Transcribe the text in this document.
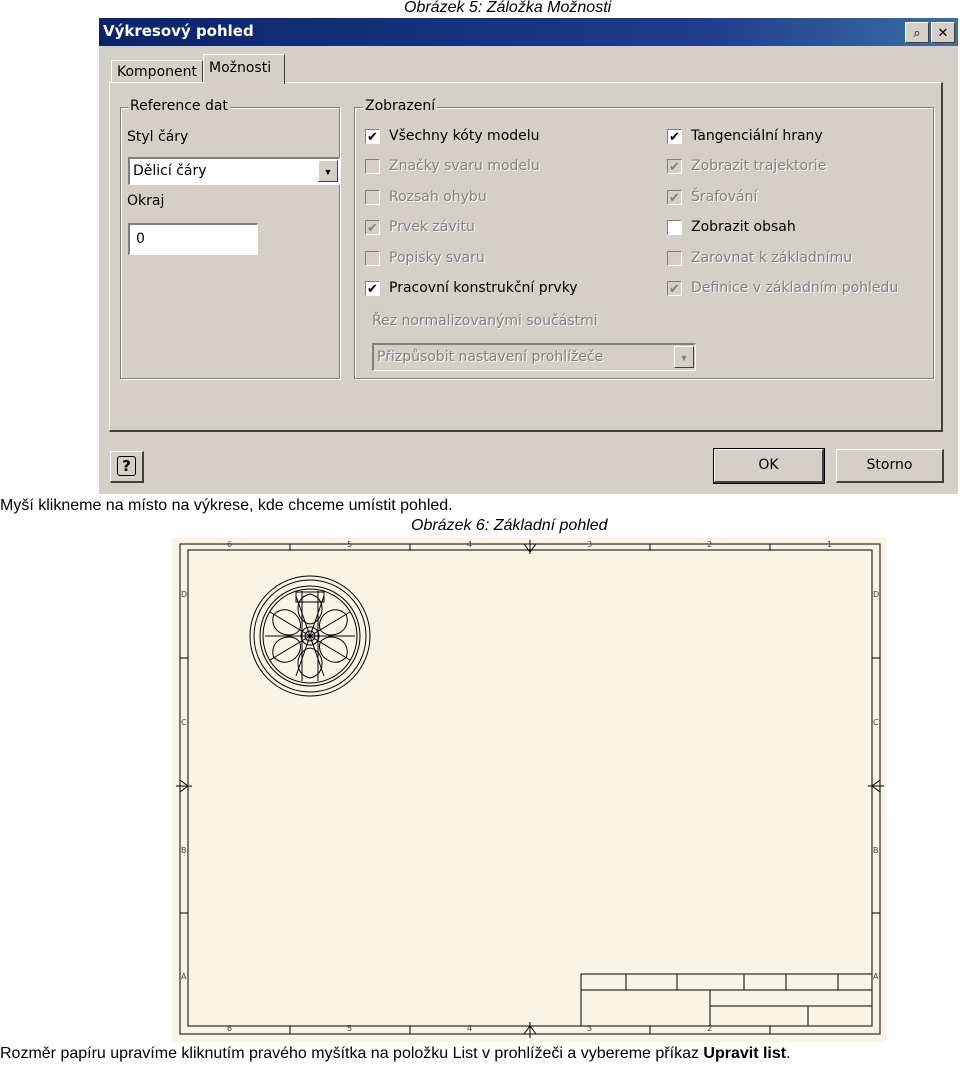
Obrázek 5: Záložka Možnosti
Výkresový pohled	⌕	✕
Komponent Možnosti
Reference dat
Styl čáry
Dělicí čáry	▼
Okraj
0
Zobrazení
✔ Všechny kóty modelu
Značky svaru modelu
Rozsah ohybu
✔ Prvek závitu
Popisky svaru
✔ Pracovní konstrukční prvky
✔ Tangenciální hrany
✔ Zobrazit trajektorie
✔ Šrafování
Zobrazit obsah
Zarovnat k základnímu
✔ Definice v základním pohledu
Řez normalizovanými součástmi
Přizpůsobit nastavení prohlížeče	▼
?	OK	Storno
Myší klikneme na místo na výkrese, kde chceme umístit pohled.
Obrázek 6: Základní pohled
6	5	4	3	2	1
6	5	4	3	2
D
C
B
A
D
C
B
A
Rozměr papíru upravíme kliknutím pravého myšítka na položku List v prohlížeči a vybereme příkaz Upravit list.
